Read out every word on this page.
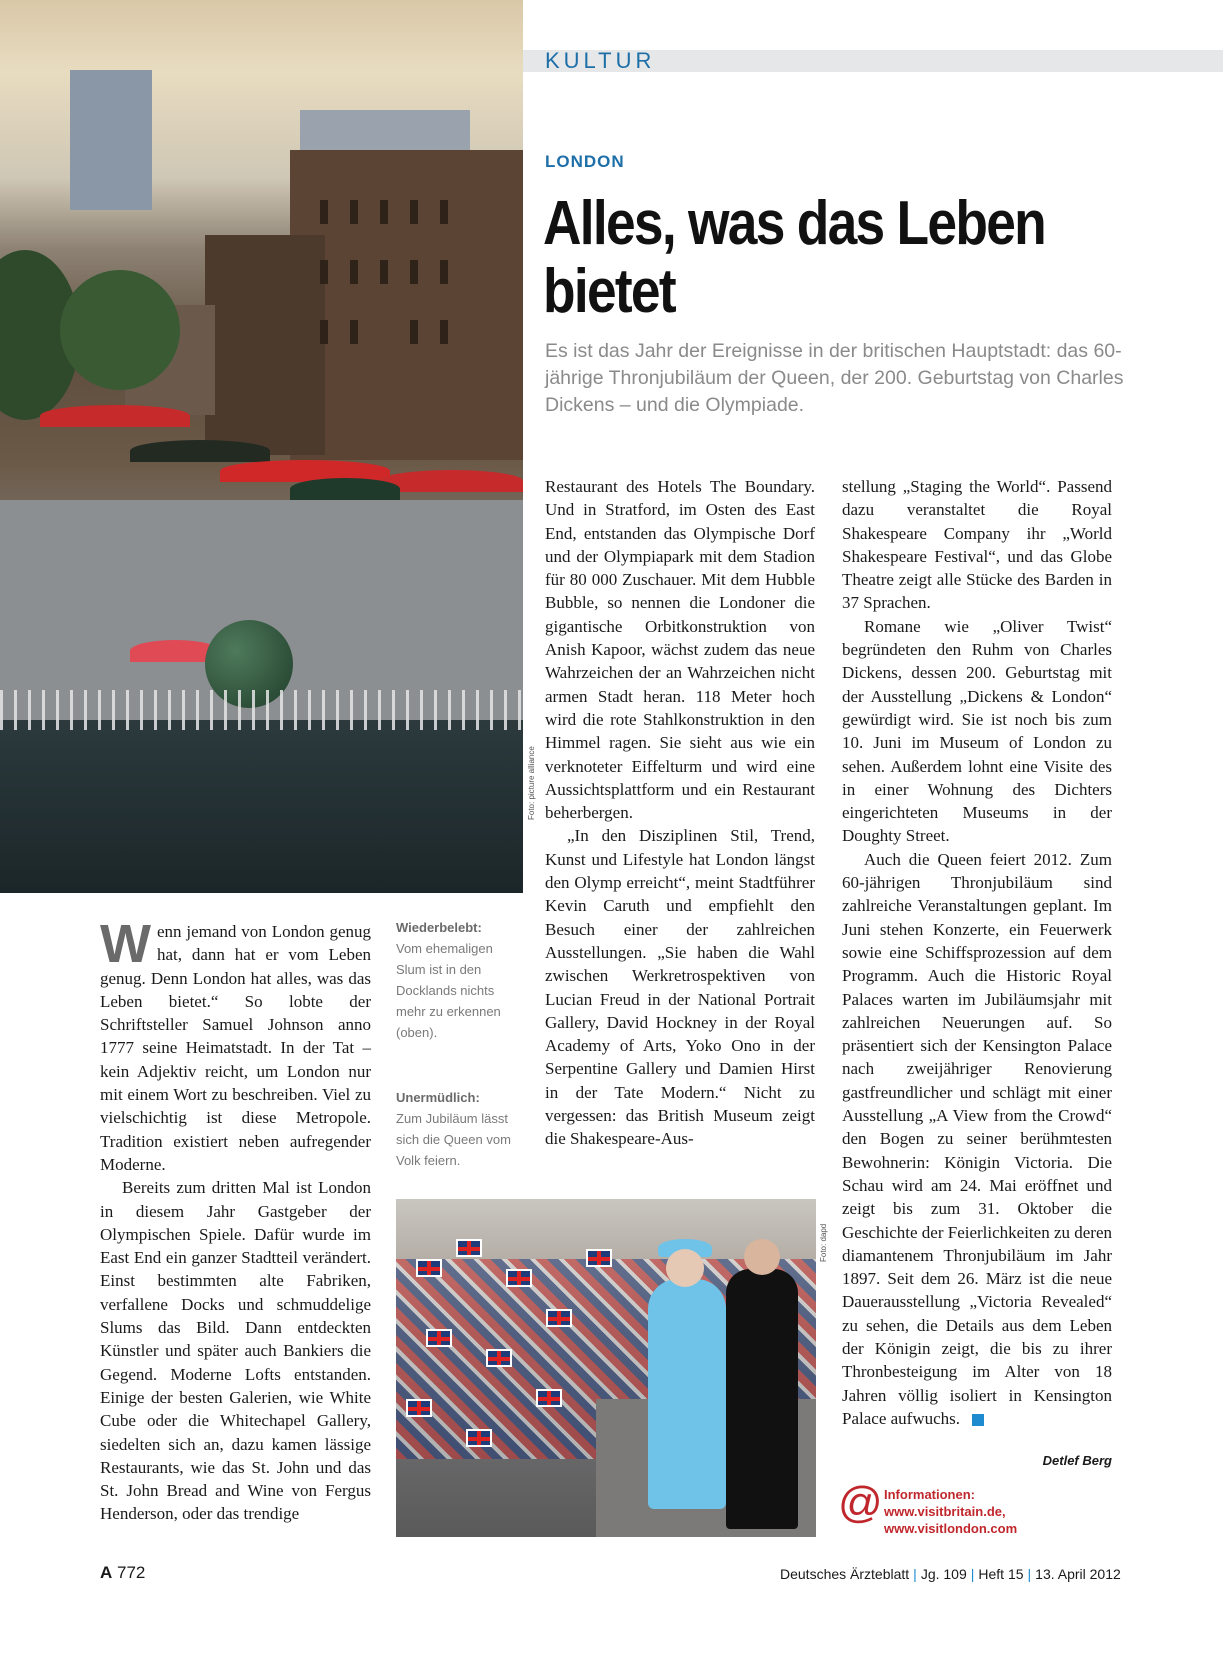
Foto: picture alliance
KULTUR
LONDON
Alles, was das Leben bietet
Es ist das Jahr der Ereignisse in der britischen Hauptstadt: das 60-jährige Thronjubiläum der Queen, der 200. Geburtstag von Charles Dickens – und die Olympiade.

Wenn jemand von London genug hat, dann hat er vom Leben genug. Denn London hat alles, was das Leben bietet.“ So lobte der Schriftsteller Samuel Johnson anno 1777 seine Heimatstadt. In der Tat – kein Adjektiv reicht, um London nur mit einem Wort zu beschreiben. Viel zu vielschichtig ist diese Metropole. Tradition existiert neben aufregender Moderne.

Bereits zum dritten Mal ist London in diesem Jahr Gastgeber der Olympischen Spiele. Dafür wurde im East End ein ganzer Stadtteil verändert. Einst bestimmten alte Fabriken, verfallene Docks und schmuddelige Slums das Bild. Dann entdeckten Künstler und später auch Bankiers die Gegend. Moderne Lofts entstanden. Einige der besten Galerien, wie White Cube oder die Whitechapel Gallery, siedelten sich an, dazu kamen lässige Restaurants, wie das St. John und das St. John Bread and Wine von Fergus Henderson, oder das trendige

Wiederbelebt:
Vom ehemaligen Slum ist in den Docklands nichts mehr zu erkennen (oben).
Unermüdlich:
Zum Jubiläum lässt sich die Queen vom Volk feiern.

Restaurant des Hotels The Boundary. Und in Stratford, im Osten des East End, entstanden das Olympische Dorf und der Olympiapark mit dem Stadion für 80 000 Zuschauer. Mit dem Hubble Bubble, so nennen die Londoner die gigantische Orbitkonstruktion von Anish Kapoor, wächst zudem das neue Wahrzeichen der an Wahrzeichen nicht armen Stadt heran. 118 Meter hoch wird die rote Stahlkonstruktion in den Himmel ragen. Sie sieht aus wie ein verknoteter Eiffelturm und wird eine Aussichtsplattform und ein Restaurant beherbergen.

„In den Disziplinen Stil, Trend, Kunst und Lifestyle hat London längst den Olymp erreicht“, meint Stadtführer Kevin Caruth und empfiehlt den Besuch einer der zahlreichen Ausstellungen. „Sie haben die Wahl zwischen Werkretrospektiven von Lucian Freud in der National Portrait Gallery, David Hockney in der Royal Academy of Arts, Yoko Ono in der Serpentine Gallery und Damien Hirst in der Tate Modern.“ Nicht zu vergessen: das British Museum zeigt die Shakespeare-Aus-

stellung „Staging the World“. Passend dazu veranstaltet die Royal Shakespeare Company ihr „World Shakespeare Festival“, und das Globe Theatre zeigt alle Stücke des Barden in 37 Sprachen.

Romane wie „Oliver Twist“ begründeten den Ruhm von Charles Dickens, dessen 200. Geburtstag mit der Ausstellung „Dickens & London“ gewürdigt wird. Sie ist noch bis zum 10. Juni im Museum of London zu sehen. Außerdem lohnt eine Visite des in einer Wohnung des Dichters eingerichteten Museums in der Doughty Street.

Auch die Queen feiert 2012. Zum 60-jährigen Thronjubiläum sind zahlreiche Veranstaltungen geplant. Im Juni stehen Konzerte, ein Feuerwerk sowie eine Schiffsprozession auf dem Programm. Auch die Historic Royal Palaces warten im Jubiläumsjahr mit zahlreichen Neuerungen auf. So präsentiert sich der Kensington Palace nach zweijähriger Renovierung gastfreundlicher und schlägt mit einer Ausstellung „A View from the Crowd“ den Bogen zu seiner berühmtesten Bewohnerin: Königin Victoria. Die Schau wird am 24. Mai eröffnet und zeigt bis zum 31. Oktober die Geschichte der Feierlichkeiten zu deren diamantenem Thronjubiläum im Jahr 1897. Seit dem 26. März ist die neue Dauerausstellung „Victoria Revealed“ zu sehen, die Details aus dem Leben der Königin zeigt, die bis zu ihrer Thronbesteigung im Alter von 18 Jahren völlig isoliert in Kensington Palace aufwuchs.

Detlef Berg
Foto: dapd
@ Informationen:
www.visitbritain.de,
www.visitlondon.com
A 772	Deutsches Ärzteblatt | Jg. 109 | Heft 15 | 13. April 2012
